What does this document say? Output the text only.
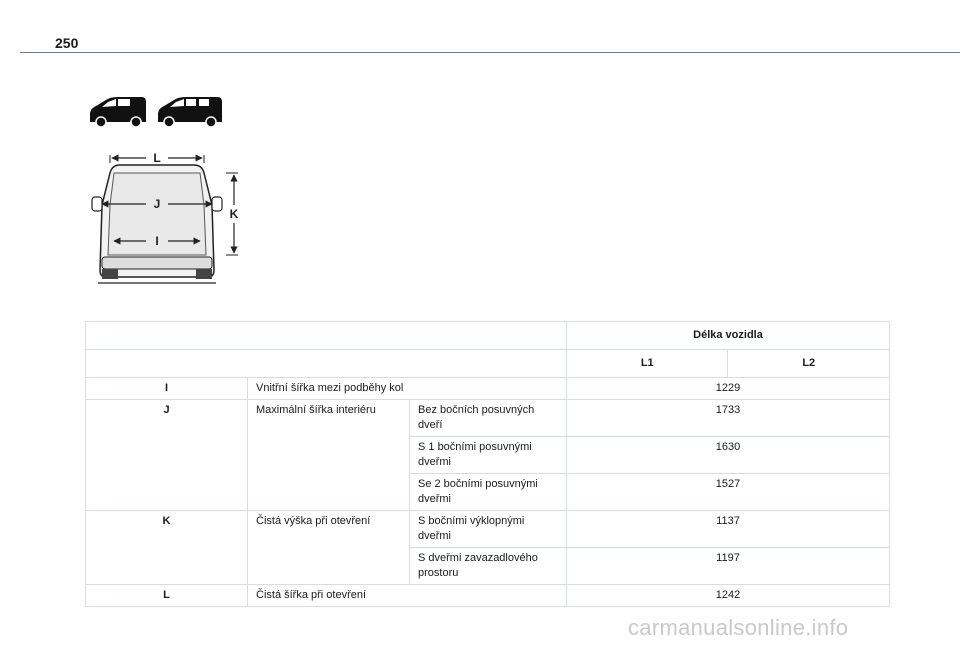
250
L
J
I
K
			Délka vozidla	
			L1	L2
I	Vnitřní šířka mezi podběhy kol		1229	
J	Maximální šířka interiéru	Bez bočních posuvných dveří	1733	
		S 1 bočními posuvnými dveřmi	1630	
		Se 2 bočními posuvnými dveřmi	1527	
K	Čistá výška při otevření	S bočními výklopnými dveřmi	1137	
		S dveřmi zavazadlového prostoru	1197	
L	Čistá šířka při otevření		1242	
carmanualsonline.info
